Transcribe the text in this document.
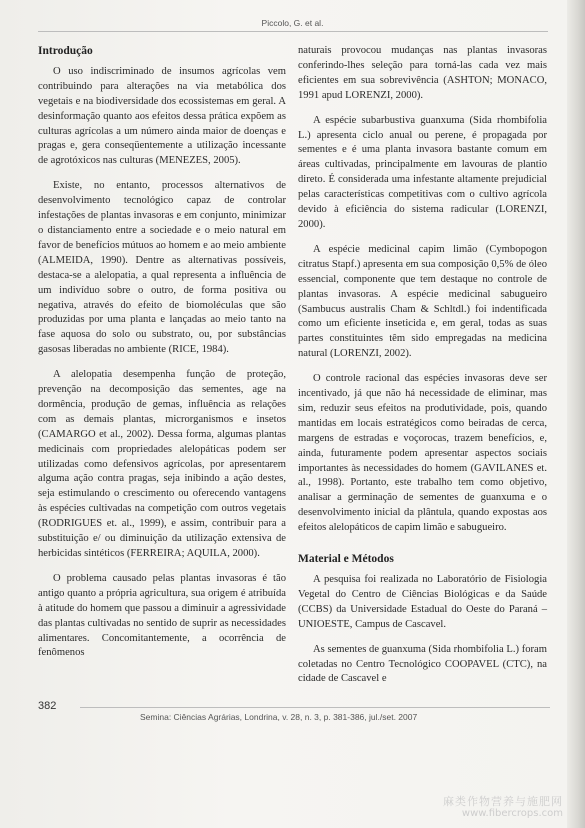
Piccolo, G. et al.
Introdução

O uso indiscriminado de insumos agrícolas vem contribuindo para alterações na via metabólica dos vegetais e na biodiversidade dos ecossistemas em geral. A desinformação quanto aos efeitos dessa prática expõem as culturas agrícolas a um número ainda maior de doenças e pragas e, gera conseqüentemente a utilização incessante de agrotóxicos nas culturas (MENEZES, 2005).

Existe, no entanto, processos alternativos de desenvolvimento tecnológico capaz de controlar infestações de plantas invasoras e em conjunto, minimizar o distanciamento entre a sociedade e o meio natural em favor de benefícios mútuos ao homem e ao meio ambiente (ALMEIDA, 1990). Dentre as alternativas possíveis, destaca-se a alelopatia, a qual representa a influência de um indivíduo sobre o outro, de forma positiva ou negativa, através do efeito de biomoléculas que são produzidas por uma planta e lançadas ao meio tanto na fase aquosa do solo ou substrato, ou, por substâncias gasosas liberadas no ambiente (RICE, 1984).

A alelopatia desempenha função de proteção, prevenção na decomposição das sementes, age na dormência, produção de gemas, influência as relações com as demais plantas, microrganismos e insetos (CAMARGO et al., 2002). Dessa forma, algumas plantas medicinais com propriedades alelopáticas podem ser utilizadas como defensivos agrícolas, por apresentarem alguma ação contra pragas, seja inibindo a ação destes, seja estimulando o crescimento ou oferecendo vantagens às espécies cultivadas na competição com outros vegetais (RODRIGUES et. al., 1999), e assim, contribuir para a substituição e/ ou diminuição da utilização extensiva de herbicidas sintéticos (FERREIRA; AQUILA, 2000).

O problema causado pelas plantas invasoras é tão antigo quanto a própria agricultura, sua origem é atribuída à atitude do homem que passou a diminuir a agressividade das plantas cultivadas no sentido de suprir as necessidades alimentares. Concomitantemente, a ocorrência de fenômenos

naturais provocou mudanças nas plantas invasoras conferindo-lhes seleção para torná-las cada vez mais eficientes em sua sobrevivência (ASHTON; MONACO, 1991 apud LORENZI, 2000).

A espécie subarbustiva guanxuma (Sida rhombifolia L.) apresenta ciclo anual ou perene, é propagada por sementes e é uma planta invasora bastante comum em áreas cultivadas, principalmente em lavouras de plantio direto. É considerada uma infestante altamente prejudicial pelas características competitivas com o cultivo agrícola devido à eficiência do sistema radicular (LORENZI, 2000).

A espécie medicinal capim limão (Cymbopogon citratus Stapf.) apresenta em sua composição 0,5% de óleo essencial, componente que tem destaque no controle de plantas invasoras. A espécie medicinal sabugueiro (Sambucus australis Cham & Schltdl.) foi indentificada como um eficiente inseticida e, em geral, todas as suas partes constituintes têm sido empregadas na medicina natural (LORENZI, 2002).

O controle racional das espécies invasoras deve ser incentivado, já que não há necessidade de eliminar, mas sim, reduzir seus efeitos na produtividade, pois, quando mantidas em locais estratégicos como beiradas de cerca, margens de estradas e voçorocas, trazem benefícios, e, ainda, futuramente podem apresentar aspectos sociais importantes às necessidades do homem (GAVILANES et. al., 1998). Portanto, este trabalho tem como objetivo, analisar a germinação de sementes de guanxuma e o desenvolvimento inicial da plântula, quando expostas aos efeitos alelopáticos de capim limão e sabugueiro.

Material e Métodos

A pesquisa foi realizada no Laboratório de Fisiologia Vegetal do Centro de Ciências Biológicas e da Saúde (CCBS) da Universidade Estadual do Oeste do Paraná – UNIOESTE, Campus de Cascavel.

As sementes de guanxuma (Sida rhombifolia L.) foram coletadas no Centro Tecnológico COOPAVEL (CTC), na cidade de Cascavel e

382
Semina: Ciências Agrárias, Londrina, v. 28, n. 3, p. 381-386, jul./set. 2007
麻类作物营养与施肥网
www.fibercrops.com
